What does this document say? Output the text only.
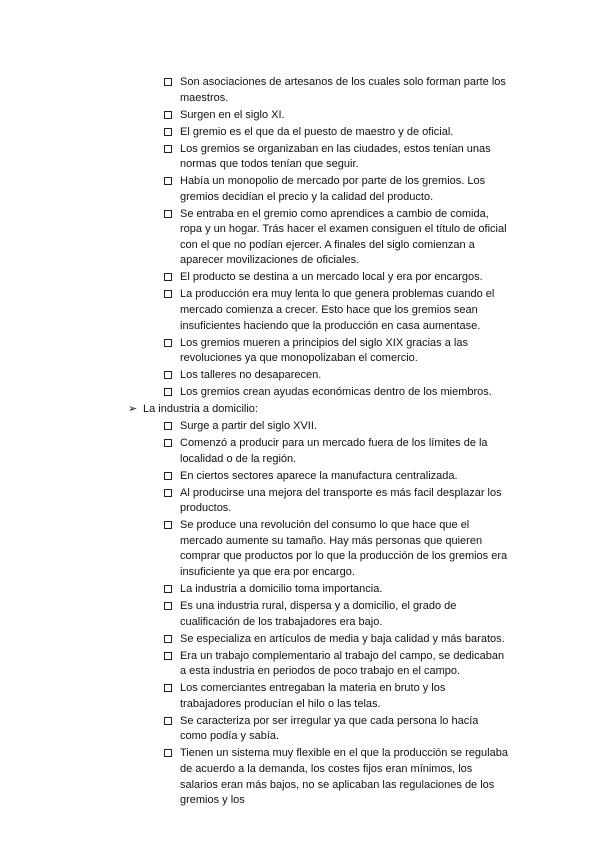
Son asociaciones de artesanos de los cuales solo forman parte los maestros.
Surgen en el siglo XI.
El gremio es el que da el puesto de maestro y de oficial.
Los gremios se organizaban en las ciudades, estos tenían unas normas que todos tenían que seguir.
Había un monopolio de mercado por parte de los gremios. Los gremios decidían el precio y la calidad del producto.
Se entraba en el gremio como aprendices a cambio de comida, ropa y un hogar. Trás hacer el examen consiguen el título de oficial con el que no podían ejercer. A finales del siglo comienzan a aparecer movilizaciones de oficiales.
El producto se destina a un mercado local y era por encargos.
La producción era muy lenta lo que genera problemas cuando el mercado comienza a crecer. Esto hace que los gremios sean insuficientes haciendo que la producción en casa aumentase.
Los gremios mueren a principios del siglo XIX gracias a las revoluciones ya que monopolizaban el comercio.
Los talleres no desaparecen.
Los gremios crean ayudas económicas dentro de los miembros.
➢ La industria a domicilio:
Surge a partir del siglo XVII.
Comenzó a producir para un mercado fuera de los límites de la localidad o de la región.
En ciertos sectores aparece la manufactura centralizada.
Al producirse una mejora del transporte es más facil desplazar los productos.
Se produce una revolución del consumo lo que hace que el mercado aumente su tamaño. Hay más personas que quieren comprar que productos por lo que la producción de los gremios era insuficiente ya que era por encargo.
La industria a domicilio toma importancia.
Es una industria rural, dispersa y a domicilio, el grado de cualificación de los trabajadores era bajo.
Se especializa en artículos de media y baja calidad y más baratos.
Era un trabajo complementario al trabajo del campo, se dedicaban a esta industria en periodos de poco trabajo en el campo.
Los comerciantes entregaban la materia en bruto y los trabajadores producían el hilo o las telas.
Se caracteriza por ser irregular ya que cada persona lo hacía como podía y sabía.
Tienen un sistema muy flexible en el que la producción se regulaba de acuerdo a la demanda, los costes fijos eran mínimos, los salarios eran más bajos, no se aplicaban las regulaciones de los gremios y los
